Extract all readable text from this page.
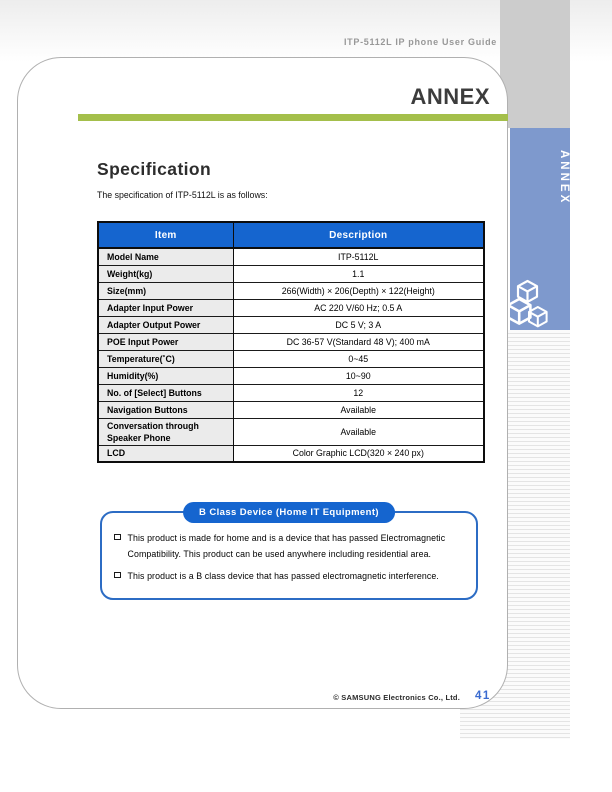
ANNEX
ITP-5112L IP phone User Guide
ANNEX
Specification
The specification of ITP-5112L is as follows:
Item	Description
Model Name	ITP-5112L
Weight(kg)	1.1
Size(mm)	266(Width) × 206(Depth) × 122(Height)
Adapter Input Power	AC 220 V/60 Hz; 0.5 A
Adapter Output Power	DC 5 V; 3 A
POE Input Power	DC 36-57 V(Standard 48 V); 400 mA
Temperature(˚C)	0~45
Humidity(%)	10~90
No. of [Select] Buttons	12
Navigation Buttons	Available
Conversation through Speaker Phone	Available
LCD	Color Graphic LCD(320 × 240 px)
B Class Device (Home IT Equipment)
This product is made for home and is a device that has passed Electromagnetic Compatibility. This product can be used anywhere including residential area.
This product is a B class device that has passed electromagnetic interference.
© SAMSUNG Electronics Co., Ltd. 41
